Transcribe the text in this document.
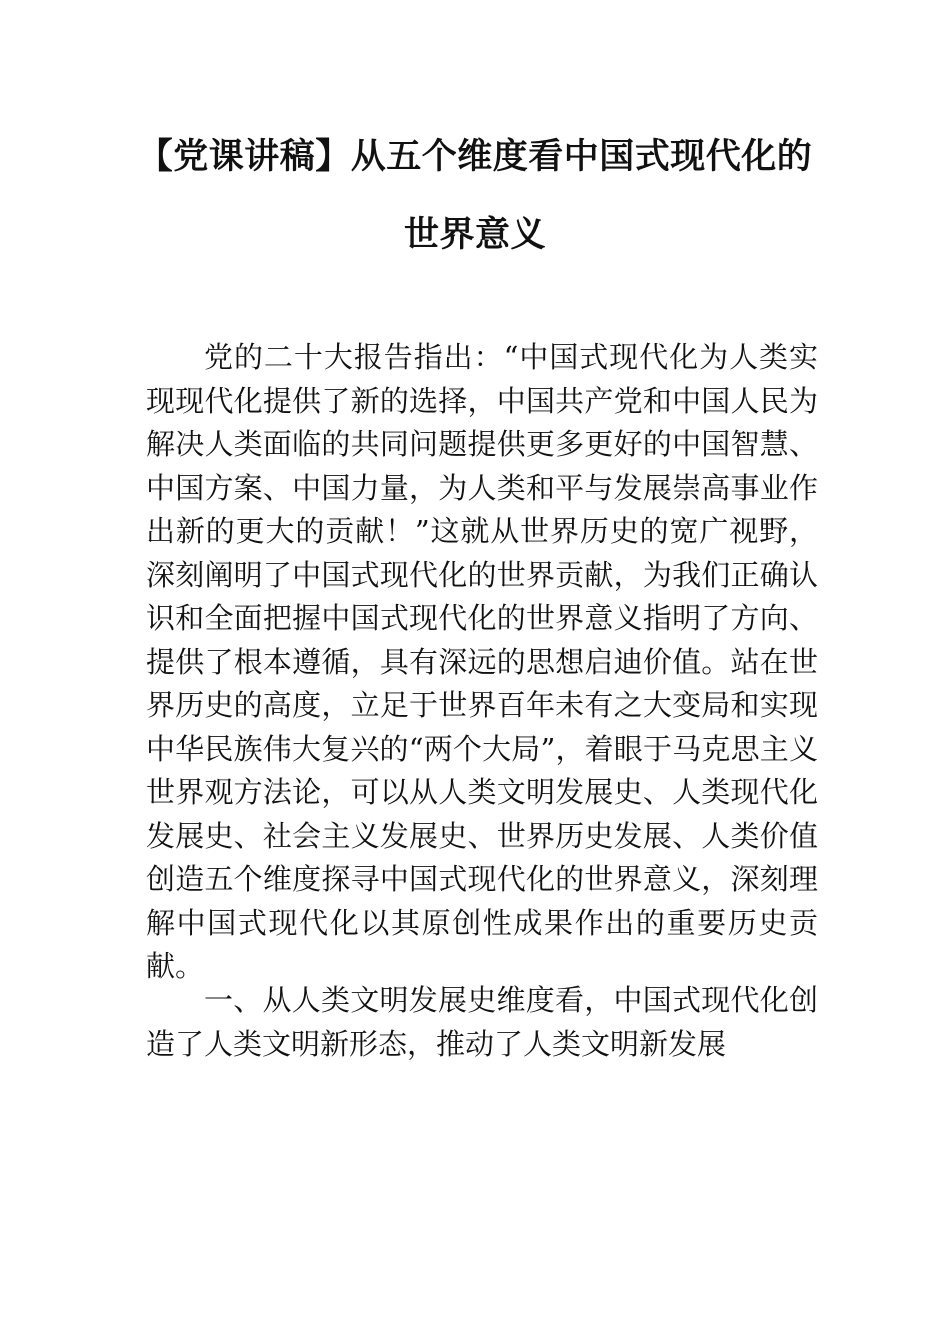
【党课讲稿】从五个维度看中国式现代化的世界意义

党的二十大报告指出：“中国式现代化为人类实现现代化提供了新的选择，中国共产党和中国人民为解决人类面临的共同问题提供更多更好的中国智慧、中国方案、中国力量，为人类和平与发展崇高事业作出新的更大的贡献！”这就从世界历史的宽广视野，深刻阐明了中国式现代化的世界贡献，为我们正确认识和全面把握中国式现代化的世界意义指明了方向、提供了根本遵循，具有深远的思想启迪价值。站在世界历史的高度，立足于世界百年未有之大变局和实现中华民族伟大复兴的“两个大局”，着眼于马克思主义世界观方法论，可以从人类文明发展史、人类现代化发展史、社会主义发展史、世界历史发展、人类价值创造五个维度探寻中国式现代化的世界意义，深刻理解中国式现代化以其原创性成果作出的重要历史贡献。

一、从人类文明发展史维度看，中国式现代化创造了人类文明新形态，推动了人类文明新发展
